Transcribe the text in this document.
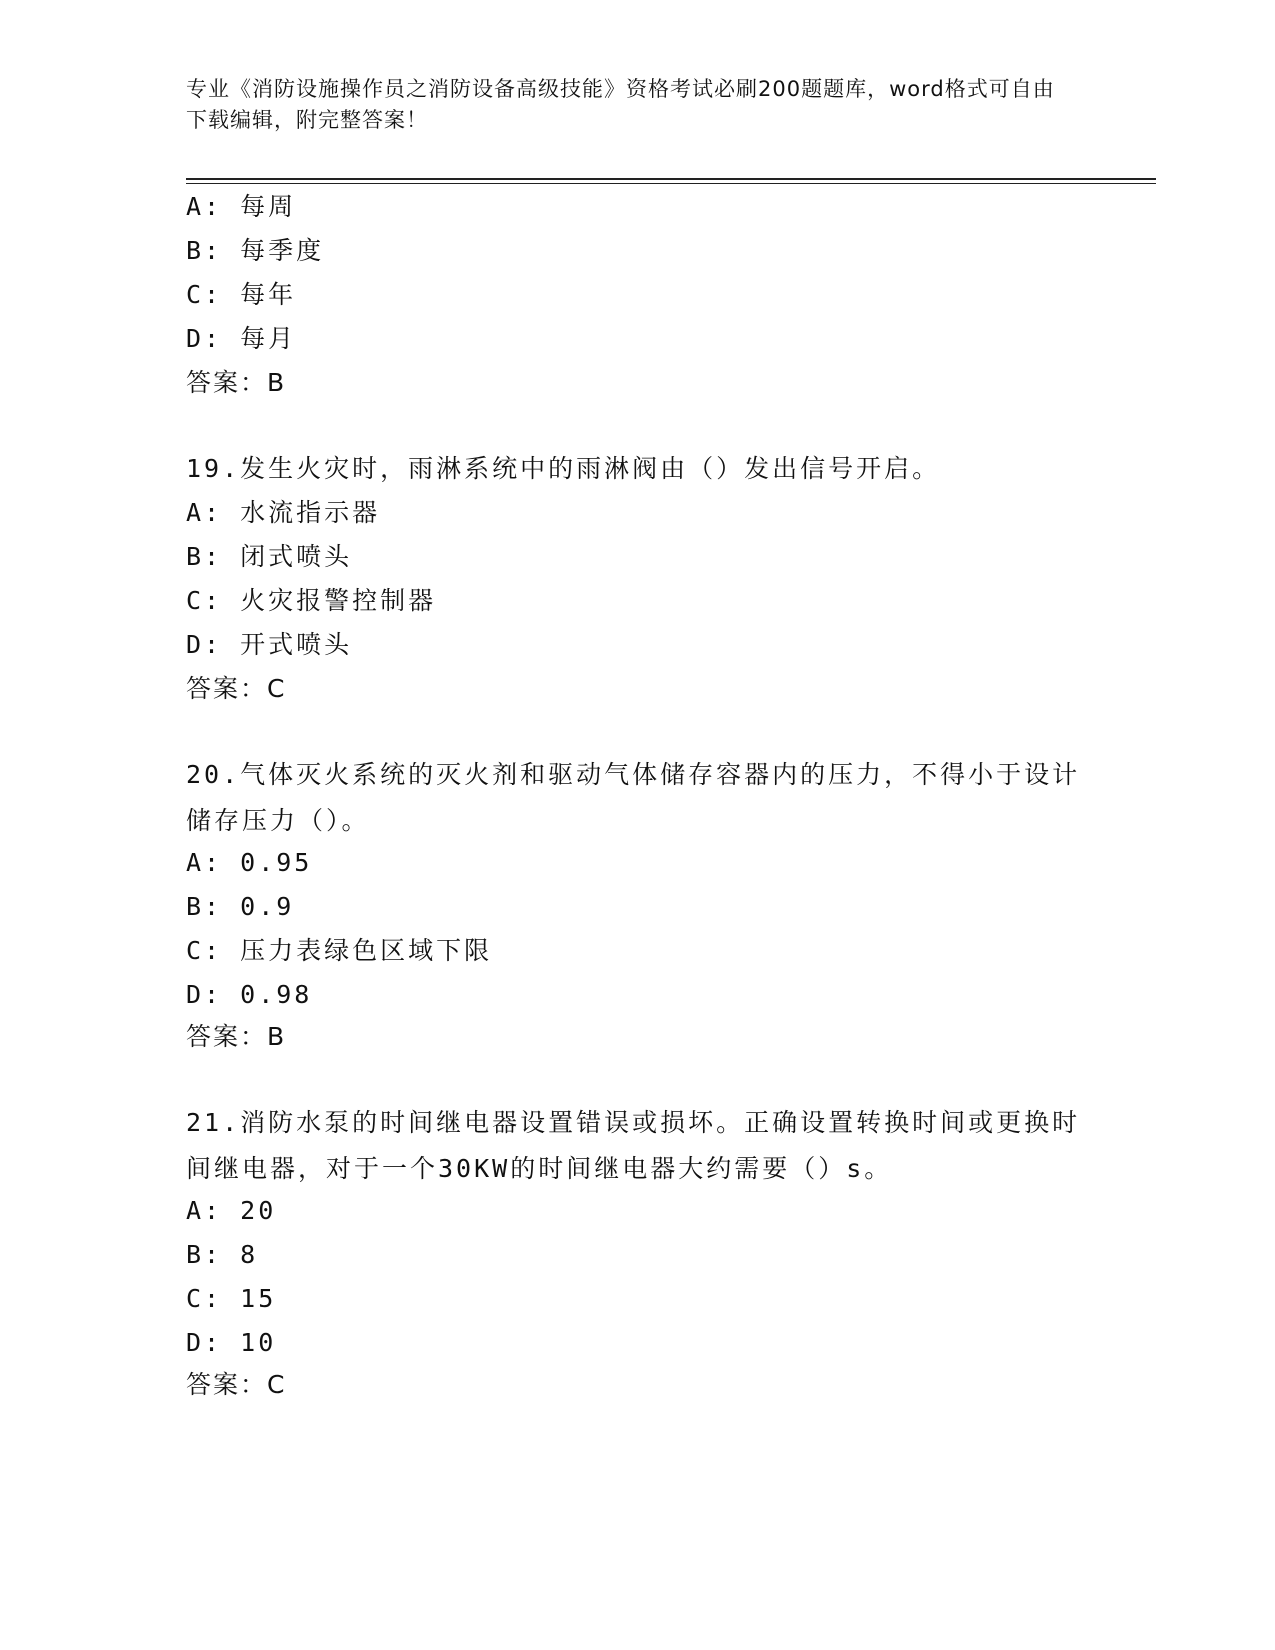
专业《消防设施操作员之消防设备高级技能》资格考试必刷200题题库，word格式可自由下载编辑，附完整答案！
A: 每周
B: 每季度
C: 每年
D: 每月
答案：B
19.发生火灾时，雨淋系统中的雨淋阀由（）发出信号开启。
A: 水流指示器
B: 闭式喷头
C: 火灾报警控制器
D: 开式喷头
答案：C
20.气体灭火系统的灭火剂和驱动气体储存容器内的压力，不得小于设计储存压力（）。
A: 0.95
B: 0.9
C: 压力表绿色区域下限
D: 0.98
答案：B
21.消防水泵的时间继电器设置错误或损坏。正确设置转换时间或更换时间继电器，对于一个30KW的时间继电器大约需要（）s。
A: 20
B: 8
C: 15
D: 10
答案：C
